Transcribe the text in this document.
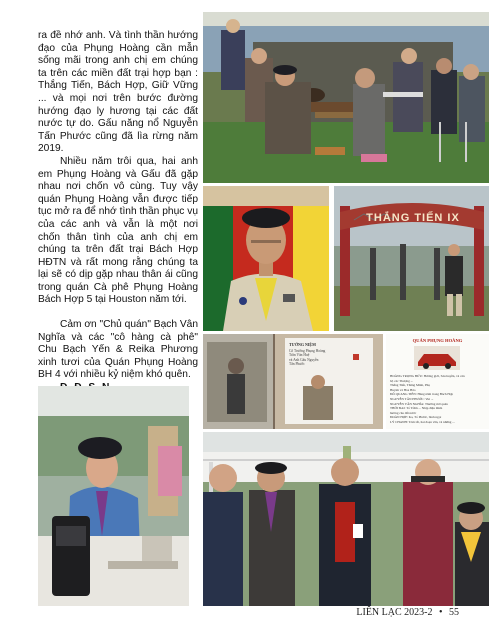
ra đề nhớ anh. Và tình thần hướng đạo của Phụng Hoàng cần mẫn sống mãi trong anh chị em chúng ta trên các miền đất trại hợp bạn : Thắng Tiến, Bách Hợp, Giữ Vững ... và mọi nơi trên bước đường hướng đạo ly hương tại các đất nước tự do. Gấu năng nổ Nguyễn Tấn Phước cũng đã lìa rừng năm 2019.

Nhiều năm trôi qua, hai anh em Phụng Hoàng và Gấu đã gặp nhau nơi chốn vô cùng. Tuy vậy quán Phụng Hoàng vẫn được tiếp tục mở ra để nhớ tình thần phục vụ của các anh và vẫn là một nơi chốn thân tình của anh chị em chúng ta trên đất trại Bách Hợp HĐTN và rất mong rằng chúng ta lại sẽ có dịp gặp nhau thân ái cũng trong quán Cà phê Phụng Hoàng Bách Hợp 5 tại Houston năm tới.

Cảm ơn "Chủ quán" Bạch Vân Nghĩa và các "cô hàng cà phê" Chu Bạch Yến & Reika Phương xinh tươi của Quán Phụng Hoàng BH 4 với nhiều kỷ niệm khó quên.

THẮNG TIẾN IX
TƯỞNG NIỆM
Cố Trưởng Phụng Hoàng
Trần Văn Huệ
và Anh Gấu Nguyễn
Tấn Phước
QUÁN PHỤNG HOÀNG
HOÀNG TRỌNG BỬU: Hướng giới, Sáu huyền, và cán
bộ các Thượng ...
Thắng Tiến, Thăng Minh, Phụ
Huynh và Hòa Hảo
ĐỖ QUANG TIÊN: Hàng năm trong Bách Hợp
NGUYỄN TẤN PHƯỚC: Vui ...
NGUYỄN VĂN NGHĨA: Thường mở quán
THỜI ĐAI: Tổ Trầm ... Nhịp điệu thiên
hương của đất nước
ĐOÀN HỢP: Ka, Tổ Phước, binh ngọt
LÝ CHANH: Tóm tắt, hai đoạn văn, và những ...
LIÊN LẠC 2023-2 • 55
